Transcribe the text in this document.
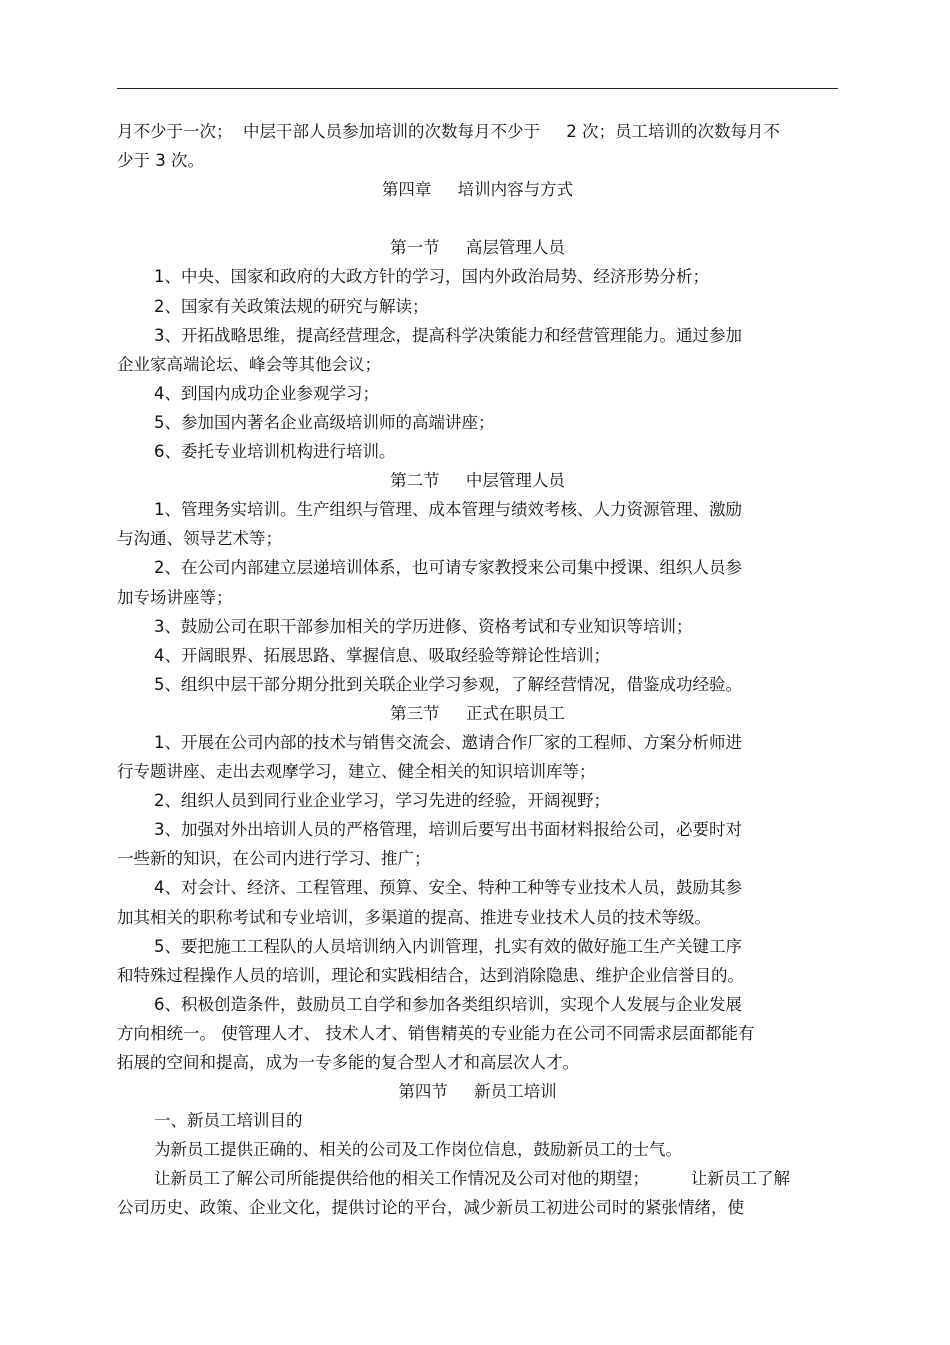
月不少于一次；  中层干部人员参加培训的次数每月不少于     2 次；员工培训的次数每月不
少于 3 次。
第四章     培训内容与方式
第一节     高层管理人员
1、中央、国家和政府的大政方针的学习，国内外政治局势、经济形势分析；
2、国家有关政策法规的研究与解读；
3、开拓战略思维，提高经营理念，提高科学决策能力和经营管理能力。通过参加
企业家高端论坛、峰会等其他会议；
4、到国内成功企业参观学习；
5、参加国内著名企业高级培训师的高端讲座；
6、委托专业培训机构进行培训。
第二节     中层管理人员
1、管理务实培训。生产组织与管理、成本管理与绩效考核、人力资源管理、激励
与沟通、领导艺术等；
2、在公司内部建立层递培训体系，也可请专家教授来公司集中授课、组织人员参
加专场讲座等；
3、鼓励公司在职干部参加相关的学历进修、资格考试和专业知识等培训；
4、开阔眼界、拓展思路、掌握信息、吸取经验等辩论性培训；
5、组织中层干部分期分批到关联企业学习参观，了解经营情况，借鉴成功经验。
第三节     正式在职员工
1、开展在公司内部的技术与销售交流会、邀请合作厂家的工程师、方案分析师进
行专题讲座、走出去观摩学习，建立、健全相关的知识培训库等；
2、组织人员到同行业企业学习，学习先进的经验，开阔视野；
3、加强对外出培训人员的严格管理，培训后要写出书面材料报给公司，必要时对
一些新的知识，在公司内进行学习、推广；
4、对会计、经济、工程管理、预算、安全、特种工种等专业技术人员，鼓励其参
加其相关的职称考试和专业培训，多渠道的提高、推进专业技术人员的技术等级。
5、要把施工工程队的人员培训纳入内训管理，扎实有效的做好施工生产关键工序
和特殊过程操作人员的培训，理论和实践相结合，达到消除隐患、维护企业信誉目的。
6、积极创造条件，鼓励员工自学和参加各类组织培训，实现个人发展与企业发展
方向相统一。 使管理人才、 技术人才、销售精英的专业能力在公司不同需求层面都能有
拓展的空间和提高，成为一专多能的复合型人才和高层次人才。
第四节     新员工培训
一、新员工培训目的
为新员工提供正确的、相关的公司及工作岗位信息，鼓励新员工的士气。
让新员工了解公司所能提供给他的相关工作情况及公司对他的期望；        让新员工了解
公司历史、政策、企业文化，提供讨论的平台，减少新员工初进公司时的紧张情绪，使
